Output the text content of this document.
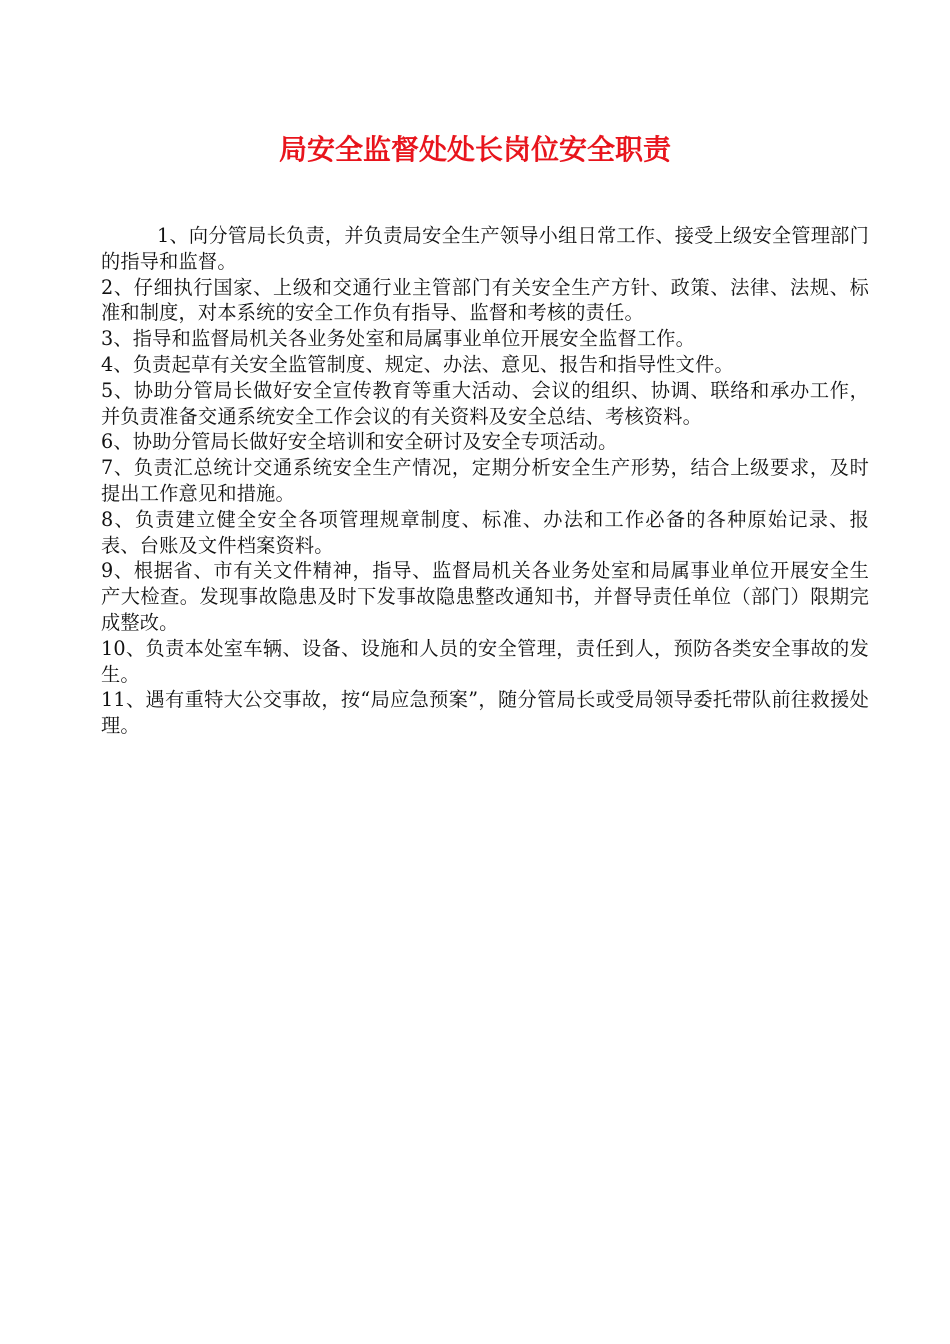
局安全监督处处长岗位安全职责

1、向分管局长负责，并负责局安全生产领导小组日常工作、接受上级安全管理部门的指导和监督。

2、仔细执行国家、上级和交通行业主管部门有关安全生产方针、政策、法律、法规、标准和制度，对本系统的安全工作负有指导、监督和考核的责任。

3、指导和监督局机关各业务处室和局属事业单位开展安全监督工作。

4、负责起草有关安全监管制度、规定、办法、意见、报告和指导性文件。

5、协助分管局长做好安全宣传教育等重大活动、会议的组织、协调、联络和承办工作，并负责准备交通系统安全工作会议的有关资料及安全总结、考核资料。

6、协助分管局长做好安全培训和安全研讨及安全专项活动。

7、负责汇总统计交通系统安全生产情况，定期分析安全生产形势，结合上级要求，及时提出工作意见和措施。

8、负责建立健全安全各项管理规章制度、标准、办法和工作必备的各种原始记录、报表、台账及文件档案资料。

9、根据省、市有关文件精神，指导、监督局机关各业务处室和局属事业单位开展安全生产大检查。发现事故隐患及时下发事故隐患整改通知书，并督导责任单位（部门）限期完成整改。

10、负责本处室车辆、设备、设施和人员的安全管理，责任到人，预防各类安全事故的发生。

11、遇有重特大公交事故，按“局应急预案”，随分管局长或受局领导委托带队前往救援处理。
